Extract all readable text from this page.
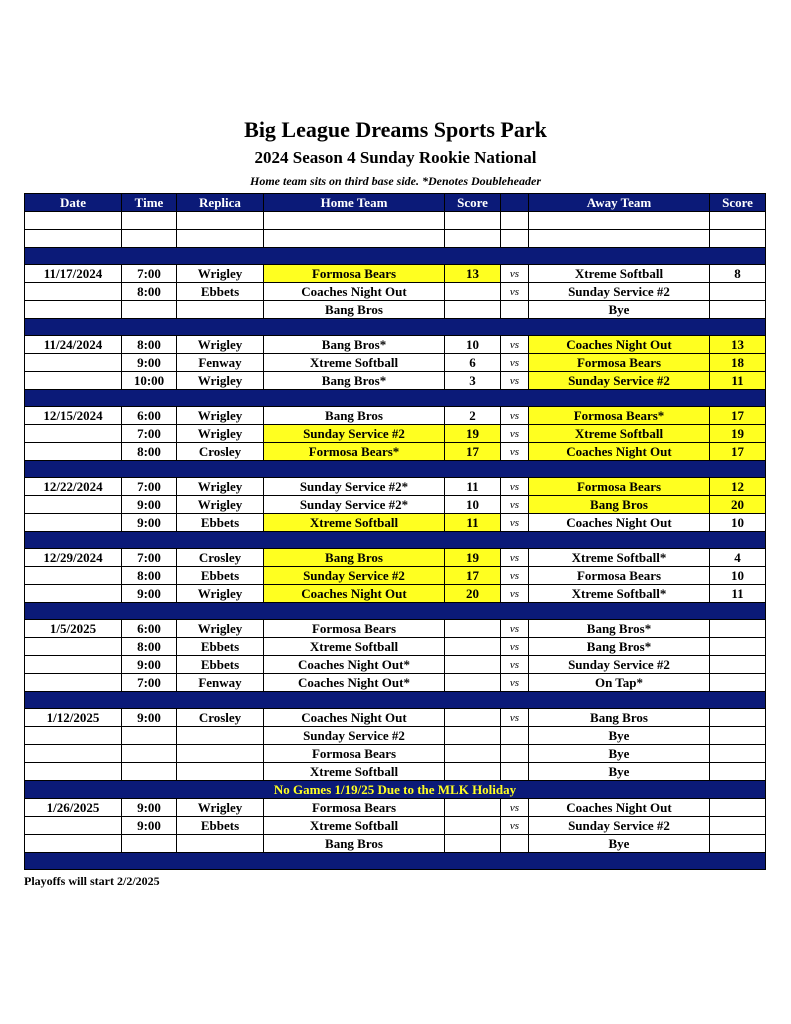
Big League Dreams Sports Park
2024 Season 4 Sunday Rookie National
Home team sits on third base side. *Denotes Doubleheader
Date	Time	Replica	Home Team	Score		Away Team	Score

11/17/2024	7:00	Wrigley	Formosa Bears	13	vs	Xtreme Softball	8
	8:00	Ebbets	Coaches Night Out		vs	Sunday Service #2	
			Bang Bros			Bye	

11/24/2024	8:00	Wrigley	Bang Bros*	10	vs	Coaches Night Out	13
	9:00	Fenway	Xtreme Softball	6	vs	Formosa Bears	18
	10:00	Wrigley	Bang Bros*	3	vs	Sunday Service #2	11

12/15/2024	6:00	Wrigley	Bang Bros	2	vs	Formosa Bears*	17
	7:00	Wrigley	Sunday Service #2	19	vs	Xtreme Softball	19
	8:00	Crosley	Formosa Bears*	17	vs	Coaches Night Out	17

12/22/2024	7:00	Wrigley	Sunday Service #2*	11	vs	Formosa Bears	12
	9:00	Wrigley	Sunday Service #2*	10	vs	Bang Bros	20
	9:00	Ebbets	Xtreme Softball	11	vs	Coaches Night Out	10

12/29/2024	7:00	Crosley	Bang Bros	19	vs	Xtreme Softball*	4
	8:00	Ebbets	Sunday Service #2	17	vs	Formosa Bears	10
	9:00	Wrigley	Coaches Night Out	20	vs	Xtreme Softball*	11

1/5/2025	6:00	Wrigley	Formosa Bears		vs	Bang Bros*	
	8:00	Ebbets	Xtreme Softball		vs	Bang Bros*	
	9:00	Ebbets	Coaches Night Out*		vs	Sunday Service #2	
	7:00	Fenway	Coaches Night Out*		vs	On Tap*	

1/12/2025	9:00	Crosley	Coaches Night Out		vs	Bang Bros	
			Sunday Service #2			Bye	
			Formosa Bears			Bye	
			Xtreme Softball			Bye	
No Games 1/19/25 Due to the MLK Holiday							
1/26/2025	9:00	Wrigley	Formosa Bears		vs	Coaches Night Out	
	9:00	Ebbets	Xtreme Softball		vs	Sunday Service #2	
			Bang Bros			Bye	

Playoffs will start 2/2/2025
